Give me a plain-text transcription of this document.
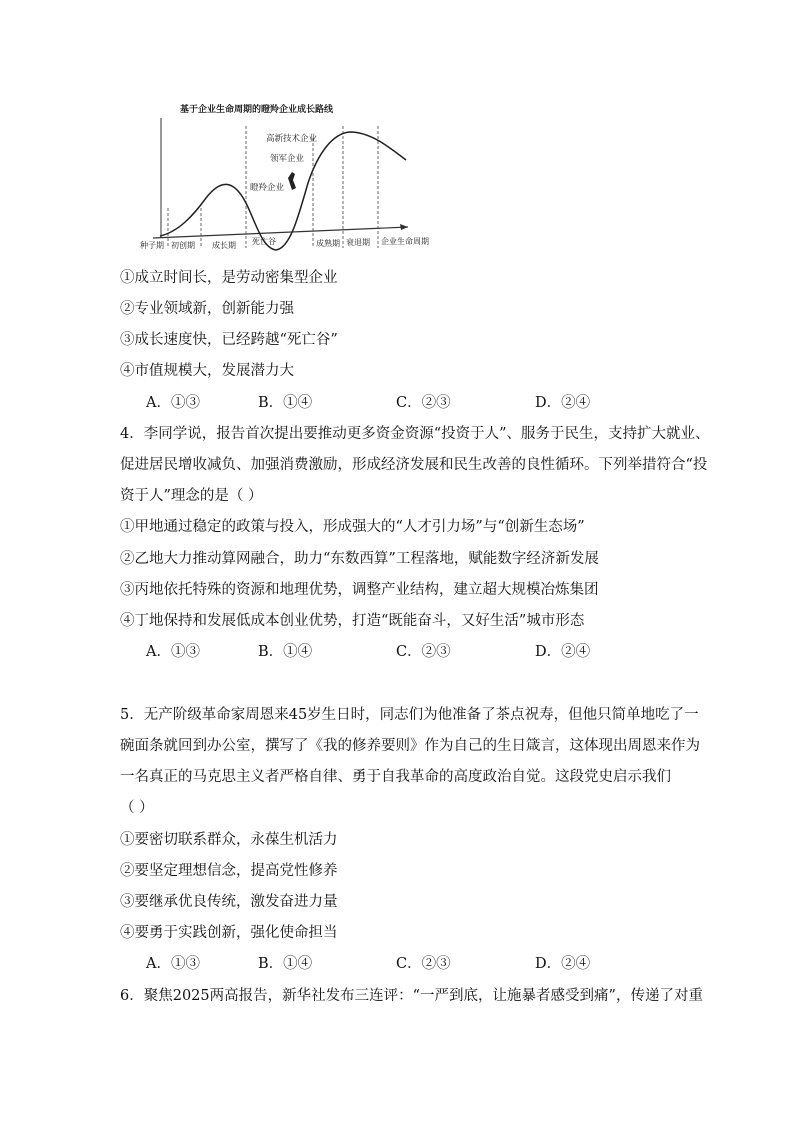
基于企业生命周期的瞪羚企业成长路线
高新技术企业
领军企业
瞪羚企业
种子期 初创期 成长期 死亡谷	成熟期 衰退期 企业生命周期
①成立时间长，是劳动密集型企业
②专业领域新，创新能力强
③成长速度快，已经跨越“死亡谷”
④市值规模大，发展潜力大
A．①③	B．①④	C．②③	D．②④
4．李同学说，报告首次提出要推动更多资金资源“投资于人”、服务于民生，支持扩大就业、
促进居民增收减负、加强消费激励，形成经济发展和民生改善的良性循环。下列举措符合“投
资于人”理念的是（ ）
①甲地通过稳定的政策与投入，形成强大的“人才引力场”与“创新生态场”
②乙地大力推动算网融合，助力“东数西算”工程落地，赋能数字经济新发展
③丙地依托特殊的资源和地理优势，调整产业结构，建立超大规模冶炼集团
④丁地保持和发展低成本创业优势，打造“既能奋斗，又好生活”城市形态
A．①③	B．①④	C．②③	D．②④
5．无产阶级革命家周恩来45岁生日时，同志们为他准备了茶点祝寿，但他只简单地吃了一
碗面条就回到办公室，撰写了《我的修养要则》作为自己的生日箴言，这体现出周恩来作为
一名真正的马克思主义者严格自律、勇于自我革命的高度政治自觉。这段党史启示我们
（ ）
①要密切联系群众，永葆生机活力
②要坚定理想信念，提高党性修养
③要继承优良传统，激发奋进力量
④要勇于实践创新，强化使命担当
A．①③	B．①④	C．②③	D．②④
6．聚焦2025两高报告，新华社发布三连评：“一严到底，让施暴者感受到痛”，传递了对重
